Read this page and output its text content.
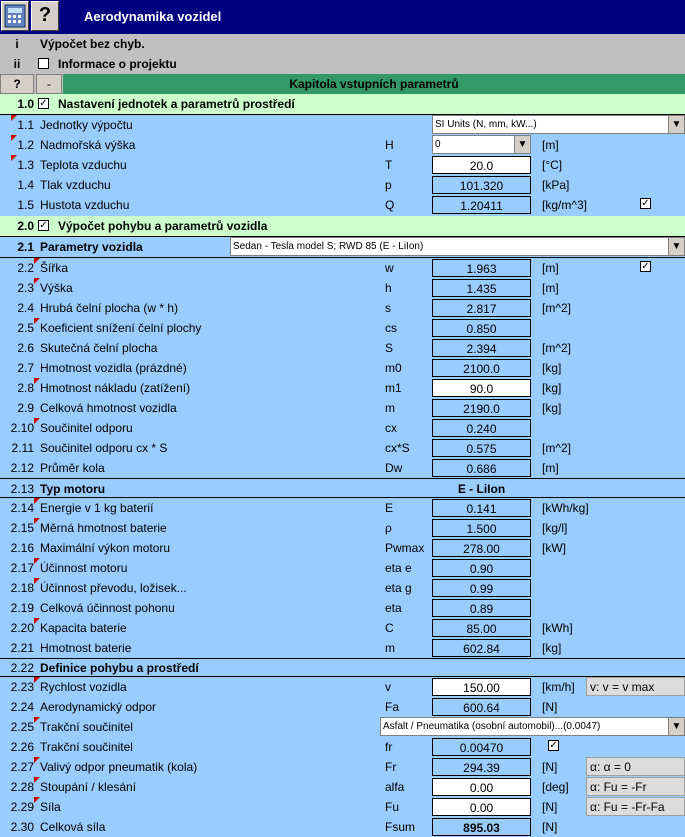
?	Aerodynamika vozidel
i	Výpočet bez chyb.
ii	Informace o projektu
?	-	Kapitola vstupních parametrů
1.0 ✓ Nastavení jednotek a parametrů prostředí
1.1 Jednotky výpočtu	SI Units (N, mm, kW...)	▼
1.2 Nadmořská výška	H	0	▼ [m]
1.3 Teplota vzduchu	T	20.0	[°C]
1.4 Tlak vzduchu	p	101.320	[kPa]
1.5 Hustota vzduchu	Q	1.20411	[kg/m^3]	✓
2.0 ✓ Výpočet pohybu a parametrů vozidla
2.1 Parametry vozidla	Sedan - Tesla model S; RWD 85 (E - LiIon)	▼
2.2 Šířka	w	1.963	[m]	✓
2.3 Výška	h	1.435	[m]
2.4 Hrubá čelní plocha (w * h)	s	2.817	[m^2]
2.5 Koeficient snížení čelní plochy	cs	0.850
2.6 Skutečná čelní plocha	S	2.394	[m^2]
2.7 Hmotnost vozidla (prázdné)	m0	2100.0	[kg]
2.8 Hmotnost nákladu (zatížení)	m1	90.0	[kg]
2.9 Celková hmotnost vozidla	m	2190.0	[kg]
2.10 Součinitel odporu	cx	0.240
2.11 Součinitel odporu cx * S	cx*S	0.575	[m^2]
2.12 Průměr kola	Dw	0.686	[m]
2.13 Typ motoru	E - LiIon
2.14 Energie v 1 kg baterií	E	0.141	[kWh/kg]
2.15 Měrná hmotnost baterie	ρ	1.500	[kg/l]
2.16 Maximální výkon motoru	Pwmax	278.00	[kW]
2.17 Účinnost motoru	eta e	0.90
2.18 Účinnost převodu, ložisek...	eta g	0.99
2.19 Celková účinnost pohonu	eta	0.89
2.20 Kapacita baterie	C	85.00	[kWh]
2.21 Hmotnost baterie	m	602.84	[kg]
2.22 Definice pohybu a prostředí
2.23 Rychlost vozidla	v	150.00	[km/h]	v: v = v max
2.24 Aerodynamický odpor	Fa	600.64	[N]
2.25 Trakční součinitel	Asfalt / Pneumatika (osobní automobil)...(0.0047)	▼
2.26 Trakční součinitel	fr	0.00470	✓
2.27 Valivý odpor pneumatik (kola)	Fr	294.39	[N]	α: α = 0
2.28 Stoupání / klesání	alfa	0.00	[deg]	α: Fu = -Fr
2.29 Síla	Fu	0.00	[N]	α: Fu = -Fr-Fa
2.30 Celková síla	Fsum	895.03	[N]
